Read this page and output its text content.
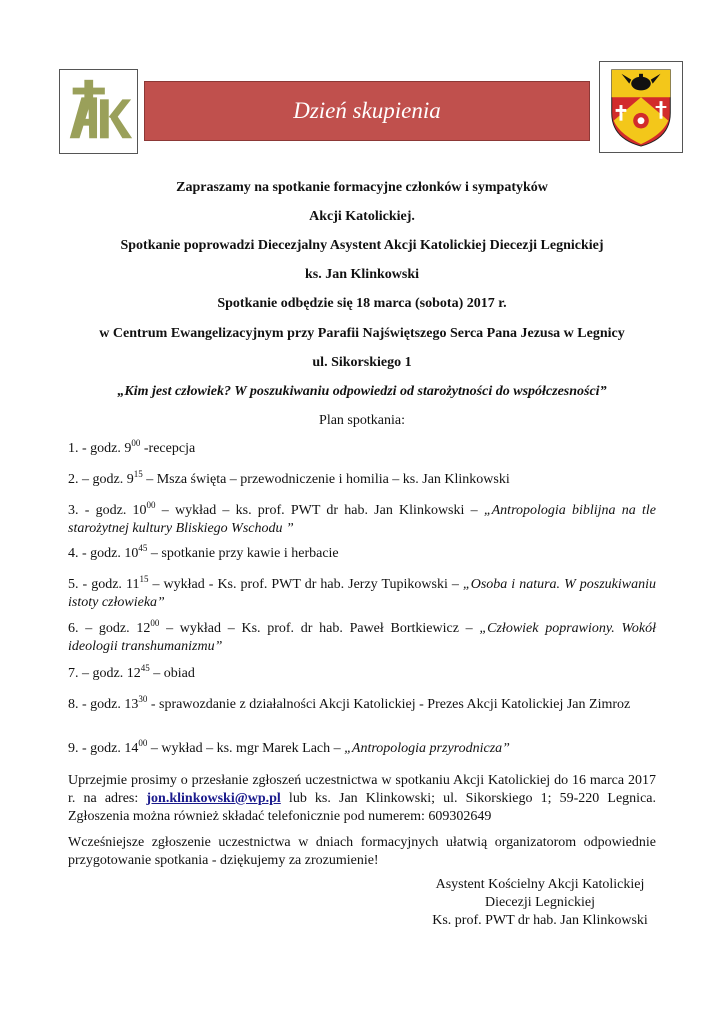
Dzień skupienia
Zapraszamy na spotkanie formacyjne członków i sympatyków
Akcji Katolickiej.
Spotkanie poprowadzi Diecezjalny Asystent Akcji Katolickiej Diecezji Legnickiej
ks. Jan Klinkowski
Spotkanie odbędzie się 18 marca (sobota) 2017 r.
w Centrum Ewangelizacyjnym przy Parafii Najświętszego Serca Pana Jezusa w Legnicy
ul. Sikorskiego 1
„Kim jest człowiek? W poszukiwaniu odpowiedzi od starożytności do współczesności”
Plan spotkania:
1. - godz. $9^{00}$ -recepcja
2. – godz. $9^{15}$ – Msza święta – przewodniczenie i homilia – ks. Jan Klinkowski
3. - godz. $10^{00}$ – wykład – ks. prof. PWT dr hab. Jan Klinkowski – „Antropologia biblijna na tle starożytnej kultury Bliskiego Wschodu ”
4. - godz. $10^{45}$ – spotkanie przy kawie i herbacie
5. - godz. $11^{15}$ – wykład - Ks. prof. PWT dr hab. Jerzy Tupikowski – „Osoba i natura. W poszukiwaniu istoty człowieka”
6. – godz. $12^{00}$ – wykład – Ks. prof. dr hab. Paweł Bortkiewicz – „Człowiek poprawiony. Wokół ideologii transhumanizmu”
7. – godz. $12^{45}$ – obiad
8. - godz. $13^{30}$ - sprawozdanie z działalności Akcji Katolickiej - Prezes Akcji Katolickiej Jan Zimroz
9. - godz. $14^{00}$ – wykład – ks. mgr Marek Lach – „Antropologia przyrodnicza”
Uprzejmie prosimy o przesłanie zgłoszeń uczestnictwa w spotkaniu Akcji Katolickiej do 16 marca 2017 r. na adres: jon.klinkowski@wp.pl lub ks. Jan Klinkowski; ul. Sikorskiego 1; 59-220 Legnica. Zgłoszenia można również składać telefonicznie pod numerem: 609302649
Wcześniejsze zgłoszenie uczestnictwa w dniach formacyjnych ułatwią organizatorom odpowiednie przygotowanie spotkania - dziękujemy za zrozumienie!
Asystent Kościelny Akcji Katolickiej
Diecezji Legnickiej
Ks. prof. PWT dr hab. Jan Klinkowski
